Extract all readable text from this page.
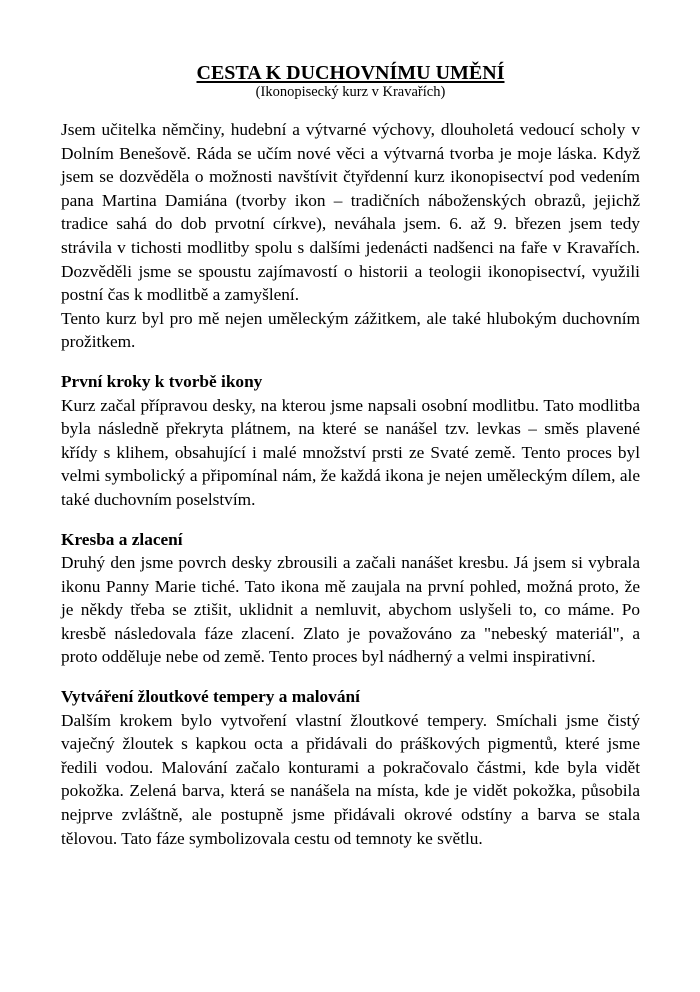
CESTA K DUCHOVNÍMU UMĚNÍ

(Ikonopisecký kurz v Kravařích)

Jsem učitelka němčiny, hudební a výtvarné výchovy, dlouholetá vedoucí scholy v Dolním Benešově. Ráda se učím nové věci a výtvarná tvorba je moje láska. Když jsem se dozvěděla o možnosti navštívit čtyřdenní kurz ikonopisectví pod vedením pana Martina Damiána (tvorby ikon – tradičních náboženských obrazů, jejichž tradice sahá do dob prvotní církve), neváhala jsem. 6. až 9. březen jsem tedy strávila v tichosti modlitby spolu s dalšími jedenácti nadšenci na faře v Kravařích. Dozvěděli jsme se spoustu zajímavostí o historii a teologii ikonopisectví, využili postní čas k modlitbě a zamyšlení.

Tento kurz byl pro mě nejen uměleckým zážitkem, ale také hlubokým duchovním prožitkem.

První kroky k tvorbě ikony

Kurz začal přípravou desky, na kterou jsme napsali osobní modlitbu. Tato modlitba byla následně překryta plátnem, na které se nanášel tzv. levkas – směs plavené křídy s klihem, obsahující i malé množství prsti ze Svaté země. Tento proces byl velmi symbolický a připomínal nám, že každá ikona je nejen uměleckým dílem, ale také duchovním poselstvím.

Kresba a zlacení

Druhý den jsme povrch desky zbrousili a začali nanášet kresbu. Já jsem si vybrala ikonu Panny Marie tiché. Tato ikona mě zaujala na první pohled, možná proto, že je někdy třeba se ztišit, uklidnit a nemluvit, abychom uslyšeli to, co máme. Po kresbě následovala fáze zlacení. Zlato je považováno za "nebeský materiál", a proto odděluje nebe od země. Tento proces byl nádherný a velmi inspirativní.

Vytváření žloutkové tempery a malování

Dalším krokem bylo vytvoření vlastní žloutkové tempery. Smíchali jsme čistý vaječný žloutek s kapkou octa a přidávali do práškových pigmentů, které jsme ředili vodou. Malování začalo konturami a pokračovalo částmi, kde byla vidět pokožka. Zelená barva, která se nanášela na místa, kde je vidět pokožka, působila nejprve zvláštně, ale postupně jsme přidávali okrové odstíny a barva se stala tělovou. Tato fáze symbolizovala cestu od temnoty ke světlu.
